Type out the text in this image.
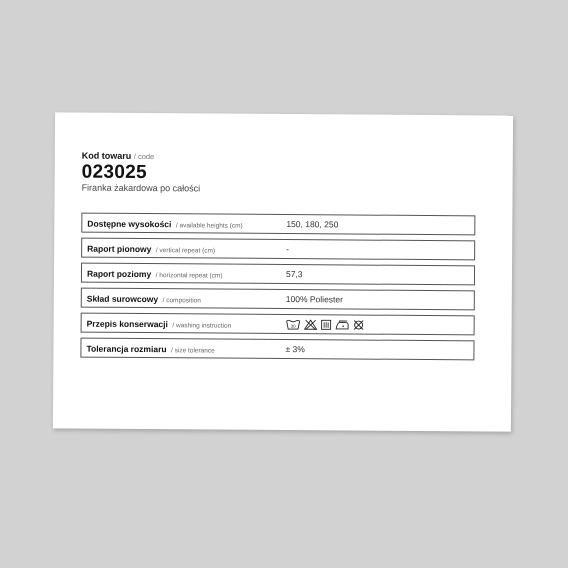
Kod towaru / code
023025
Firanka żakardowa po całości
Dostępne wysokości / available heights (cm)	150, 180, 250
Raport pionowy / vertical repeat (cm)	-
Raport poziomy / horizontal repeat (cm)	57,3
Skład surowcowy / composition	100% Poliester
Przepis konserwacji / washing instruction	30
Tolerancja rozmiaru / size tolerance	± 3%
